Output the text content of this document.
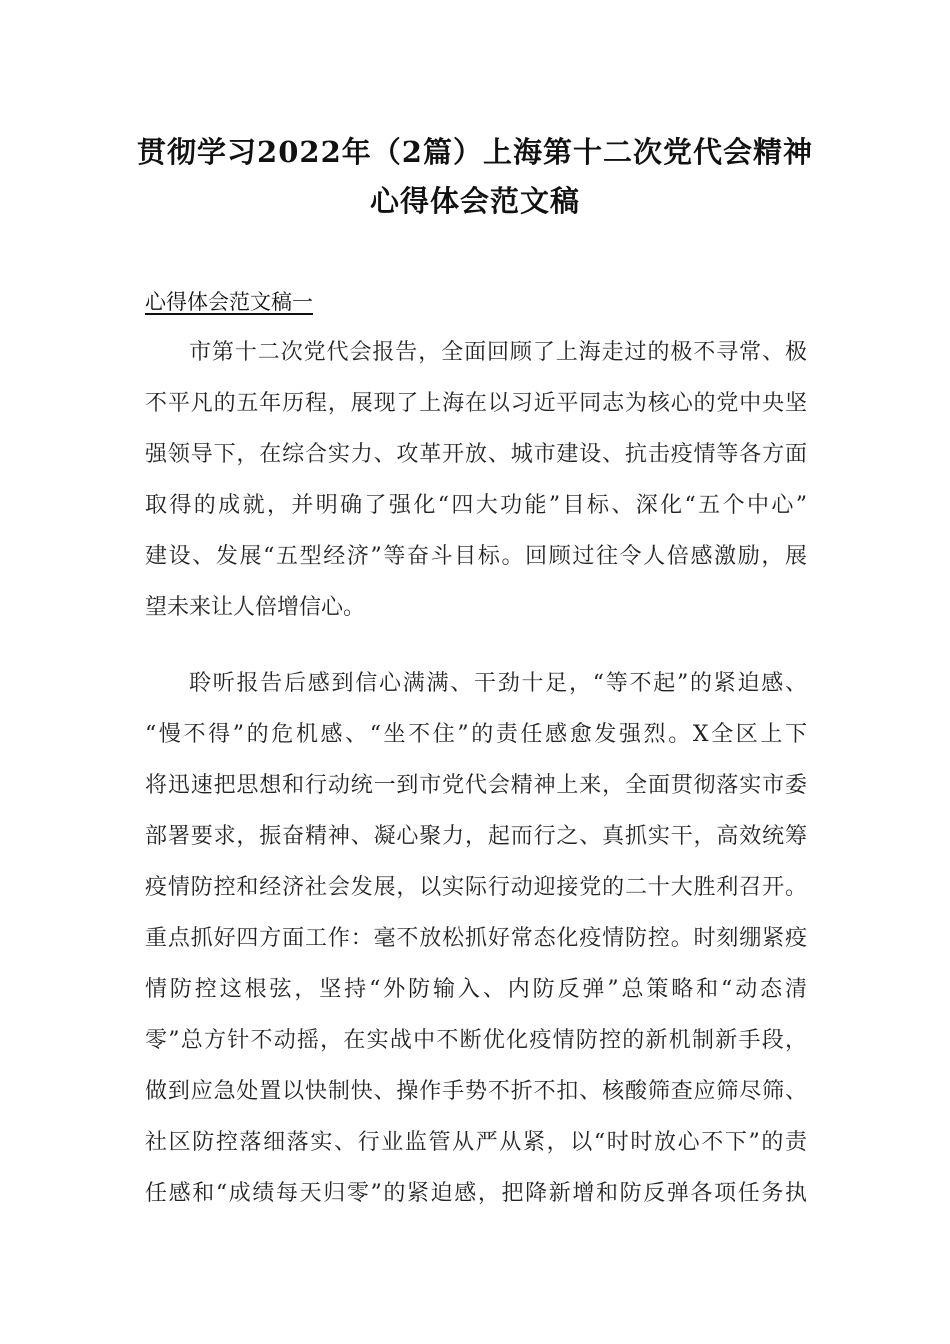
贯彻学习2022年（2篇）上海第十二次党代会精神
心得体会范文稿
心得体会范文稿一
市第十二次党代会报告，全面回顾了上海走过的极不寻常、极
不平凡的五年历程，展现了上海在以习近平同志为核心的党中央坚
强领导下，在综合实力、攻革开放、城市建设、抗击疫情等各方面
取得的成就，并明确了强化“四大功能”目标、深化“五个中心”
建设、发展“五型经济”等奋斗目标。回顾过往令人倍感激励，展
望未来让人倍增信心。
聆听报告后感到信心满满、干劲十足，“等不起”的紧迫感、
“慢不得”的危机感、“坐不住”的责任感愈发强烈。X全区上下
将迅速把思想和行动统一到市党代会精神上来，全面贯彻落实市委
部署要求，振奋精神、凝心聚力，起而行之、真抓实干，高效统筹
疫情防控和经济社会发展，以实际行动迎接党的二十大胜利召开。
重点抓好四方面工作：毫不放松抓好常态化疫情防控。时刻绷紧疫
情防控这根弦，坚持“外防输入、内防反弹”总策略和“动态清
零”总方针不动摇，在实战中不断优化疫情防控的新机制新手段，
做到应急处置以快制快、操作手势不折不扣、核酸筛查应筛尽筛、
社区防控落细落实、行业监管从严从紧，以“时时放心不下”的责
任感和“成绩每天归零”的紧迫感，把降新增和防反弹各项任务执
